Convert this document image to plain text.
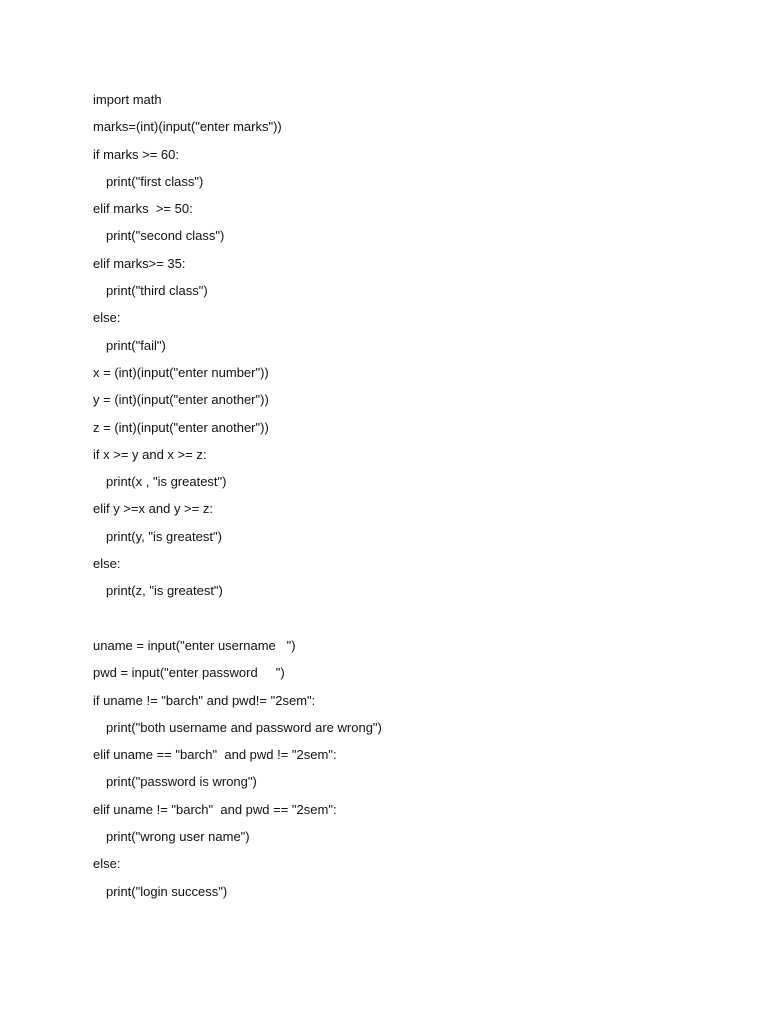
import math
marks=(int)(input("enter marks"))
if marks >= 60:
print("first class")
elif marks  >= 50:
print("second class")
elif marks>= 35:
print("third class")
else:
print("fail")
x = (int)(input("enter number"))
y = (int)(input("enter another"))
z = (int)(input("enter another"))
if x >= y and x >= z:
print(x , "is greatest")
elif y >=x and y >= z:
print(y, "is greatest")
else:
print(z, "is greatest")
uname = input("enter username   ")
pwd = input("enter password     ")
if uname != "barch" and pwd!= "2sem":
print("both username and password are wrong")
elif uname == "barch"  and pwd != "2sem":
print("password is wrong")
elif uname != "barch"  and pwd == "2sem":
print("wrong user name")
else:
print("login success")
